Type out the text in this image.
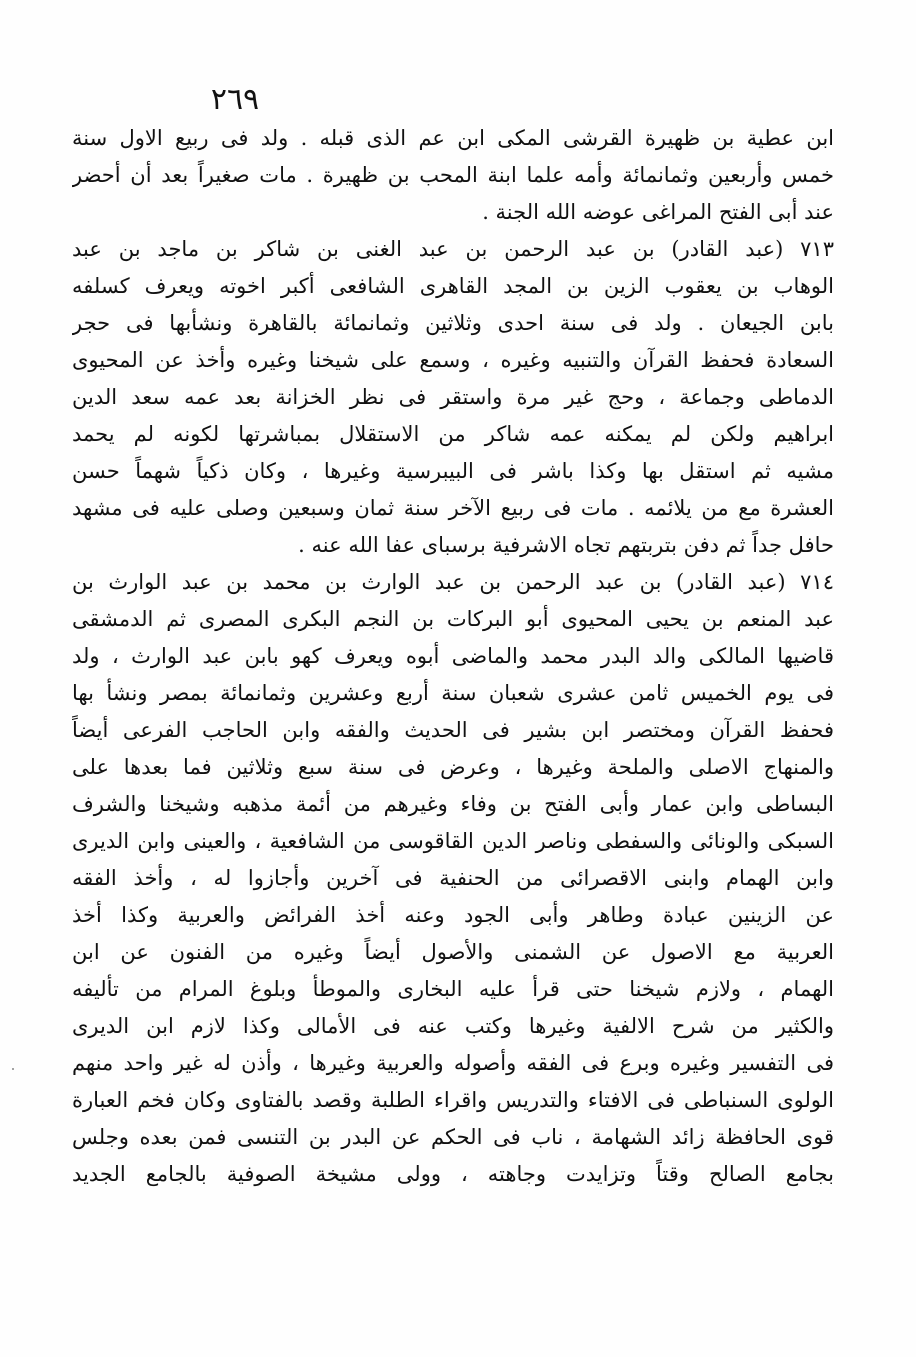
٢٦٩
ابن عطية بن ظهيرة القرشى المكى ابن عم الذى قبله . ولد فى ربيع الاول سنة
خمس وأربعين وثمانمائة وأمه علما ابنة المحب بن ظهيرة . مات صغيراً بعد أن أحضر
عند أبى الفتح المراغى عوضه الله الجنة .
٧١٣ (عبد القادر) بن عبد الرحمن بن عبد الغنى بن شاكر بن ماجد بن عبد
الوهاب بن يعقوب الزين بن المجد القاهرى الشافعى أكبر اخوته ويعرف كسلفه
بابن الجيعان . ولد فى سنة احدى وثلاثين وثمانمائة بالقاهرة ونشأبها فى حجر
السعادة فحفظ القرآن والتنبيه وغيره ، وسمع على شيخنا وغيره وأخذ عن المحيوى
الدماطى وجماعة ، وحج غير مرة واستقر فى نظر الخزانة بعد عمه سعد الدين
ابراهيم ولكن لم يمكنه عمه شاكر من الاستقلال بمباشرتها لكونه لم يحمد
مشيه ثم استقل بها وكذا باشر فى البيبرسية وغيرها ، وكان ذكياً شهماً حسن
العشرة مع من يلائمه . مات فى ربيع الآخر سنة ثمان وسبعين وصلى عليه فى مشهد
حافل جداً ثم دفن بتربتهم تجاه الاشرفية برسباى عفا الله عنه .
٧١٤ (عبد القادر) بن عبد الرحمن بن عبد الوارث بن محمد بن عبد الوارث بن
عبد المنعم بن يحيى المحيوى أبو البركات بن النجم البكرى المصرى ثم الدمشقى
قاضيها المالكى والد البدر محمد والماضى أبوه ويعرف كهو بابن عبد الوارث ، ولد
فى يوم الخميس ثامن عشرى شعبان سنة أربع وعشرين وثمانمائة بمصر ونشأ بها
فحفظ القرآن ومختصر ابن بشير فى الحديث والفقه وابن الحاجب الفرعى أيضاً
والمنهاج الاصلى والملحة وغيرها ، وعرض فى سنة سبع وثلاثين فما بعدها على
البساطى وابن عمار وأبى الفتح بن وفاء وغيرهم من أئمة مذهبه وشيخنا والشرف
السبكى والونائى والسفطى وناصر الدين القاقوسى من الشافعية ، والعينى وابن الديرى
وابن الهمام وابنى الاقصرائى من الحنفية فى آخرين وأجازوا له ، وأخذ الفقه
عن الزينين عبادة وطاهر وأبى الجود وعنه أخذ الفرائض والعربية وكذا أخذ
العربية مع الاصول عن الشمنى والأصول أيضاً وغيره من الفنون عن ابن
الهمام ، ولازم شيخنا حتى قرأ عليه البخارى والموطأ وبلوغ المرام من تأليفه
والكثير من شرح الالفية وغيرها وكتب عنه فى الأمالى وكذا لازم ابن الديرى
فى التفسير وغيره وبرع فى الفقه وأصوله والعربية وغيرها ، وأذن له غير واحد منهم
الولوى السنباطى فى الافتاء والتدريس واقراء الطلبة وقصد بالفتاوى وكان فخم العبارة
قوى الحافظة زائد الشهامة ، ناب فى الحكم عن البدر بن التنسى فمن بعده وجلس
بجامع الصالح وقتاً وتزايدت وجاهته ، وولى مشيخة الصوفية بالجامع الجديد
